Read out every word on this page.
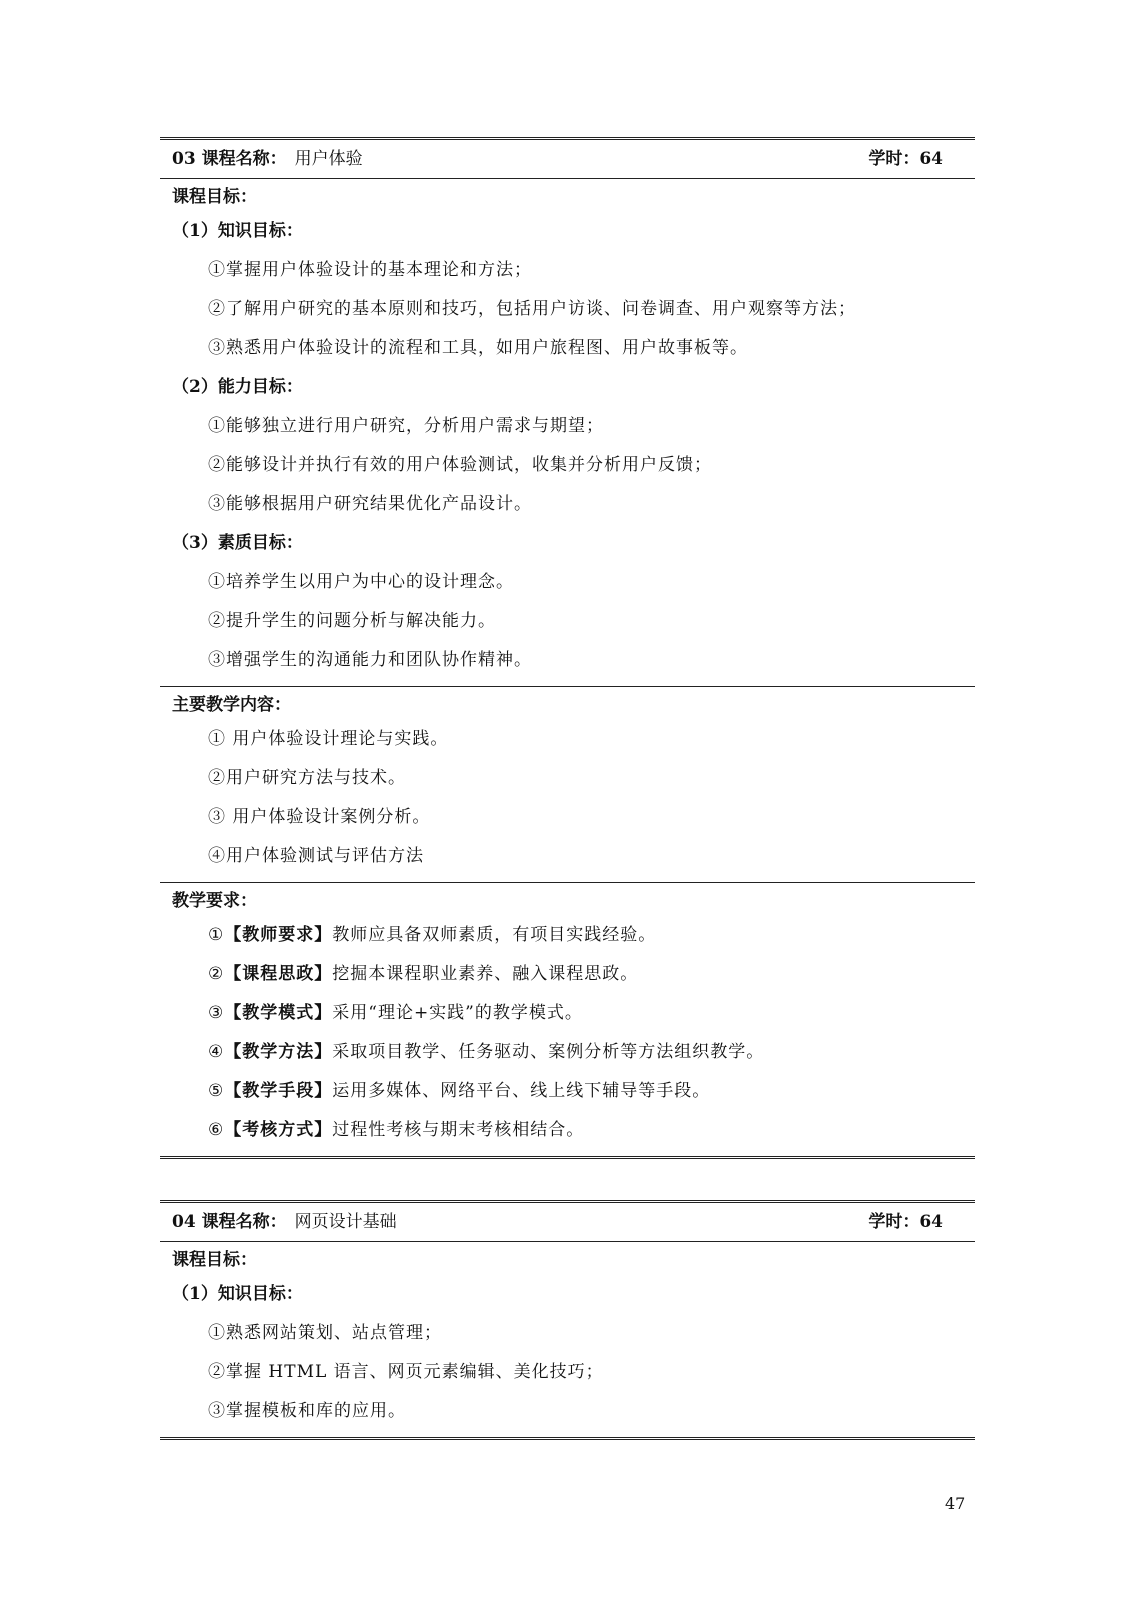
03 课程名称： 用户体验	学时：64
课程目标：
（1）知识目标：
①掌握用户体验设计的基本理论和方法；
②了解用户研究的基本原则和技巧，包括用户访谈、问卷调查、用户观察等方法；
③熟悉用户体验设计的流程和工具，如用户旅程图、用户故事板等。
（2）能力目标：
①能够独立进行用户研究，分析用户需求与期望；
②能够设计并执行有效的用户体验测试，收集并分析用户反馈；
③能够根据用户研究结果优化产品设计。
（3）素质目标：
①培养学生以用户为中心的设计理念。
②提升学生的问题分析与解决能力。
③增强学生的沟通能力和团队协作精神。
主要教学内容：
① 用户体验设计理论与实践。
②用户研究方法与技术。
③ 用户体验设计案例分析。
④用户体验测试与评估方法
教学要求：
①【教师要求】教师应具备双师素质，有项目实践经验。
②【课程思政】挖掘本课程职业素养、融入课程思政。
③【教学模式】采用“理论+实践”的教学模式。
④【教学方法】采取项目教学、任务驱动、案例分析等方法组织教学。
⑤【教学手段】运用多媒体、网络平台、线上线下辅导等手段。
⑥【考核方式】过程性考核与期末考核相结合。
04 课程名称： 网页设计基础	学时：64
课程目标：
（1）知识目标：
①熟悉网站策划、站点管理；
②掌握 HTML 语言、网页元素编辑、美化技巧；
③掌握模板和库的应用。
47
